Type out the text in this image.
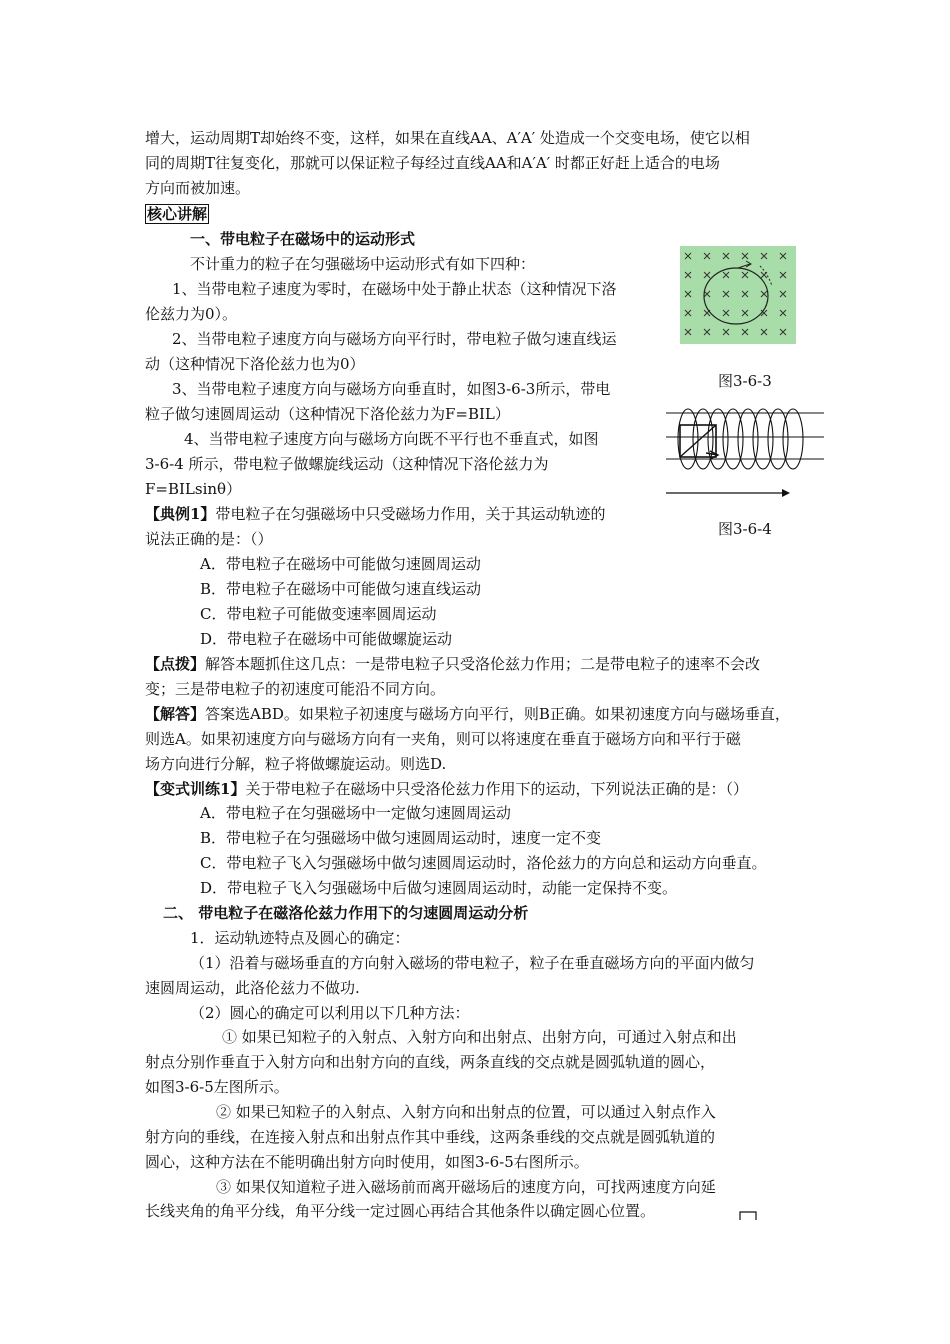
增大，运动周期T却始终不变，这样，如果在直线AA、A′A′ 处造成一个交变电场，使它以相
同的周期T往复变化，那就可以保证粒子每经过直线AA和A′A′ 时都正好赶上适合的电场
方向而被加速。
核心讲解
一、带电粒子在磁场中的运动形式
不计重力的粒子在匀强磁场中运动形式有如下四种：
1、当带电粒子速度为零时，在磁场中处于静止状态（这种情况下洛
伦兹力为0）。
2、当带电粒子速度方向与磁场方向平行时，带电粒子做匀速直线运
动（这种情况下洛伦兹力也为0）
3、当带电粒子速度方向与磁场方向垂直时，如图3-6-3所示，带电
粒子做匀速圆周运动（这种情况下洛伦兹力为F=BIL）
4、当带电粒子速度方向与磁场方向既不平行也不垂直式，如图
3-6-4 所示，带电粒子做螺旋线运动（这种情况下洛伦兹力为
F=BILsinθ）
【典例1】带电粒子在匀强磁场中只受磁场力作用，关于其运动轨迹的
说法正确的是：（）
A．带电粒子在磁场中可能做匀速圆周运动
B．带电粒子在磁场中可能做匀速直线运动
C．带电粒子可能做变速率圆周运动
D．带电粒子在磁场中可能做螺旋运动
【点拨】解答本题抓住这几点：一是带电粒子只受洛伦兹力作用；二是带电粒子的速率不会改
变；三是带电粒子的初速度可能沿不同方向。
【解答】答案选ABD。如果粒子初速度与磁场方向平行，则B正确。如果初速度方向与磁场垂直，
则选A。如果初速度方向与磁场方向有一夹角，则可以将速度在垂直于磁场方向和平行于磁
场方向进行分解，粒子将做螺旋运动。则选D.
【变式训练1】关于带电粒子在磁场中只受洛伦兹力作用下的运动，下列说法正确的是：（）
A．带电粒子在匀强磁场中一定做匀速圆周运动
B．带电粒子在匀强磁场中做匀速圆周运动时，速度一定不变
C．带电粒子飞入匀强磁场中做匀速圆周运动时，洛伦兹力的方向总和运动方向垂直。
D．带电粒子飞入匀强磁场中后做匀速圆周运动时，动能一定保持不变。
二、 带电粒子在磁洛伦兹力作用下的匀速圆周运动分析
1．运动轨迹特点及圆心的确定：
（1）沿着与磁场垂直的方向射入磁场的带电粒子，粒子在垂直磁场方向的平面内做匀
速圆周运动，此洛伦兹力不做功.
（2）圆心的确定可以利用以下几种方法：
① 如果已知粒子的入射点、入射方向和出射点、出射方向，可通过入射点和出
射点分别作垂直于入射方向和出射方向的直线，两条直线的交点就是圆弧轨道的圆心，
如图3-6-5左图所示。
② 如果已知粒子的入射点、入射方向和出射点的位置，可以通过入射点作入
射方向的垂线，在连接入射点和出射点作其中垂线，这两条垂线的交点就是圆弧轨道的
圆心，这种方法在不能明确出射方向时使用，如图3-6-5右图所示。
③ 如果仅知道粒子进入磁场前而离开磁场后的速度方向，可找两速度方向延
长线夹角的角平分线，角平分线一定过圆心再结合其他条件以确定圆心位置。
图3-6-3
图3-6-4
